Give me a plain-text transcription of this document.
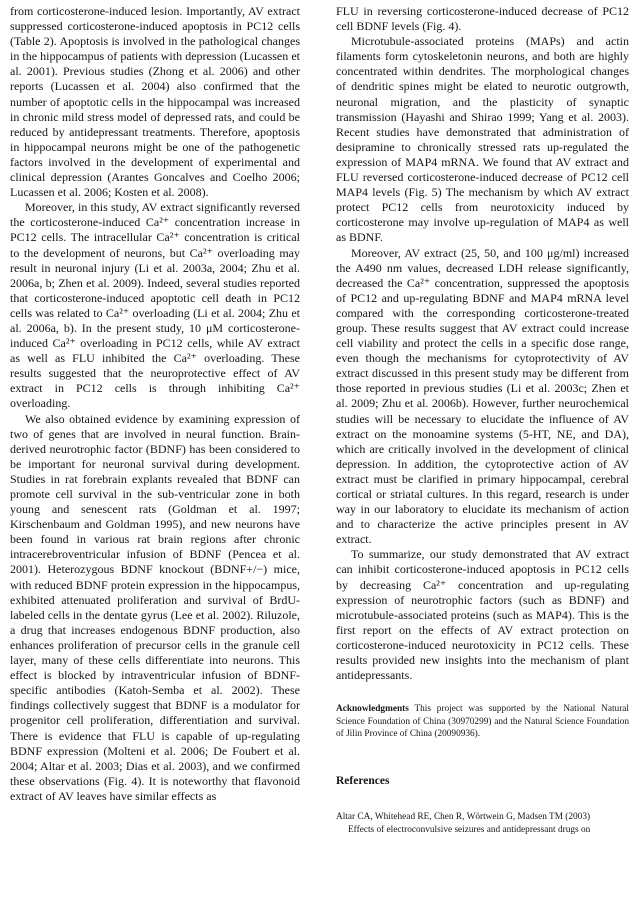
from corticosterone-induced lesion. Importantly, AV extract suppressed corticosterone-induced apoptosis in PC12 cells (Table 2). Apoptosis is involved in the pathological changes in the hippocampus of patients with depression (Lucassen et al. 2001). Previous studies (Zhong et al. 2006) and other reports (Lucassen et al. 2004) also confirmed that the number of apoptotic cells in the hippocampal was increased in chronic mild stress model of depressed rats, and could be reduced by antidepressant treatments. Therefore, apoptosis in hippocampal neurons might be one of the pathogenetic factors involved in the development of experimental and clinical depression (Arantes Goncalves and Coelho 2006; Lucassen et al. 2006; Kosten et al. 2008).

Moreover, in this study, AV extract significantly reversed the corticosterone-induced Ca²⁺ concentration increase in PC12 cells. The intracellular Ca²⁺ concentration is critical to the development of neurons, but Ca²⁺ overloading may result in neuronal injury (Li et al. 2003a, 2004; Zhu et al. 2006a, b; Zhen et al. 2009). Indeed, several studies reported that corticosterone-induced apoptotic cell death in PC12 cells was related to Ca²⁺ overloading (Li et al. 2004; Zhu et al. 2006a, b). In the present study, 10 μM corticosterone-induced Ca²⁺ overloading in PC12 cells, while AV extract as well as FLU inhibited the Ca²⁺ overloading. These results suggested that the neuroprotective effect of AV extract in PC12 cells is through inhibiting Ca²⁺ overloading.

We also obtained evidence by examining expression of two of genes that are involved in neural function. Brain-derived neurotrophic factor (BDNF) has been considered to be important for neuronal survival during development. Studies in rat forebrain explants revealed that BDNF can promote cell survival in the sub-ventricular zone in both young and senescent rats (Goldman et al. 1997; Kirschenbaum and Goldman 1995), and new neurons have been found in various rat brain regions after chronic intracerebroventricular infusion of BDNF (Pencea et al. 2001). Heterozygous BDNF knockout (BDNF+/−) mice, with reduced BDNF protein expression in the hippocampus, exhibited attenuated proliferation and survival of BrdU-labeled cells in the dentate gyrus (Lee et al. 2002). Riluzole, a drug that increases endogenous BDNF production, also enhances proliferation of precursor cells in the granule cell layer, many of these cells differentiate into neurons. This effect is blocked by intraventricular infusion of BDNF-specific antibodies (Katoh-Semba et al. 2002). These findings collectively suggest that BDNF is a modulator for progenitor cell proliferation, differentiation and survival. There is evidence that FLU is capable of up-regulating BDNF expression (Molteni et al. 2006; De Foubert et al. 2004; Altar et al. 2003; Dias et al. 2003), and we confirmed these observations (Fig. 4). It is noteworthy that flavonoid extract of AV leaves have similar effects as

FLU in reversing corticosterone-induced decrease of PC12 cell BDNF levels (Fig. 4).

Microtubule-associated proteins (MAPs) and actin filaments form cytoskeletonin neurons, and both are highly concentrated within dendrites. The morphological changes of dendritic spines might be elated to neurotic outgrowth, neuronal migration, and the plasticity of synaptic transmission (Hayashi and Shirao 1999; Yang et al. 2003). Recent studies have demonstrated that administration of desipramine to chronically stressed rats up-regulated the expression of MAP4 mRNA. We found that AV extract and FLU reversed corticosterone-induced decrease of PC12 cell MAP4 levels (Fig. 5) The mechanism by which AV extract protect PC12 cells from neurotoxicity induced by corticosterone may involve up-regulation of MAP4 as well as BDNF.

Moreover, AV extract (25, 50, and 100 μg/ml) increased the A490 nm values, decreased LDH release significantly, decreased the Ca²⁺ concentration, suppressed the apoptosis of PC12 and up-regulating BDNF and MAP4 mRNA level compared with the corresponding corticosterone-treated group. These results suggest that AV extract could increase cell viability and protect the cells in a specific dose range, even though the mechanisms for cytoprotectivity of AV extract discussed in this present study may be different from those reported in previous studies (Li et al. 2003c; Zhen et al. 2009; Zhu et al. 2006b). However, further neurochemical studies will be necessary to elucidate the influence of AV extract on the monoamine systems (5-HT, NE, and DA), which are critically involved in the development of clinical depression. In addition, the cytoprotective action of AV extract must be clarified in primary hippocampal, cerebral cortical or striatal cultures. In this regard, research is under way in our laboratory to elucidate its mechanism of action and to characterize the active principles present in AV extract.

To summarize, our study demonstrated that AV extract can inhibit corticosterone-induced apoptosis in PC12 cells by decreasing Ca²⁺ concentration and up-regulating expression of neurotrophic factors (such as BDNF) and microtubule-associated proteins (such as MAP4). This is the first report on the effects of AV extract protection on corticosterone-induced neurotoxicity in PC12 cells. These results provided new insights into the mechanism of plant antidepressants.

Acknowledgments This project was supported by the National Natural Science Foundation of China (30970299) and the Natural Science Foundation of Jilin Province of China (20090936).
References
Altar CA, Whitehead RE, Chen R, Wörtwein G, Madsen TM (2003)
Effects of electroconvulsive seizures and antidepressant drugs on
